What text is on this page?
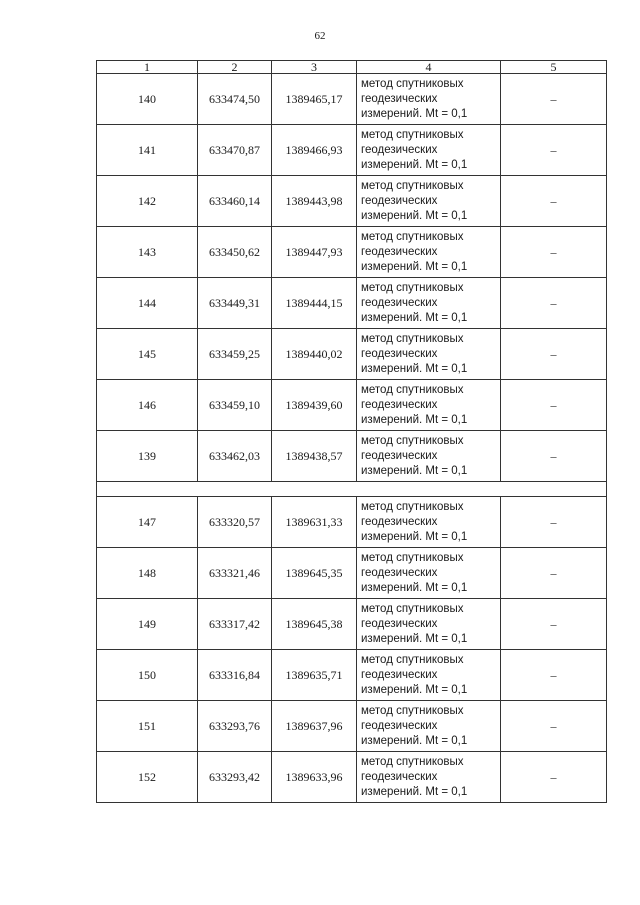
62
1	2	3	4	5
140	633474,50	1389465,17	метод спутниковых
геодезических
измерений. Mt = 0,1	–
141	633470,87	1389466,93	метод спутниковых
геодезических
измерений. Mt = 0,1	–
142	633460,14	1389443,98	метод спутниковых
геодезических
измерений. Mt = 0,1	–
143	633450,62	1389447,93	метод спутниковых
геодезических
измерений. Mt = 0,1	–
144	633449,31	1389444,15	метод спутниковых
геодезических
измерений. Mt = 0,1	–
145	633459,25	1389440,02	метод спутниковых
геодезических
измерений. Mt = 0,1	–
146	633459,10	1389439,60	метод спутниковых
геодезических
измерений. Mt = 0,1	–
139	633462,03	1389438,57	метод спутниковых
геодезических
измерений. Mt = 0,1	–

147	633320,57	1389631,33	метод спутниковых
геодезических
измерений. Mt = 0,1	–
148	633321,46	1389645,35	метод спутниковых
геодезических
измерений. Mt = 0,1	–
149	633317,42	1389645,38	метод спутниковых
геодезических
измерений. Mt = 0,1	–
150	633316,84	1389635,71	метод спутниковых
геодезических
измерений. Mt = 0,1	–
151	633293,76	1389637,96	метод спутниковых
геодезических
измерений. Mt = 0,1	–
152	633293,42	1389633,96	метод спутниковых
геодезических
измерений. Mt = 0,1	–
